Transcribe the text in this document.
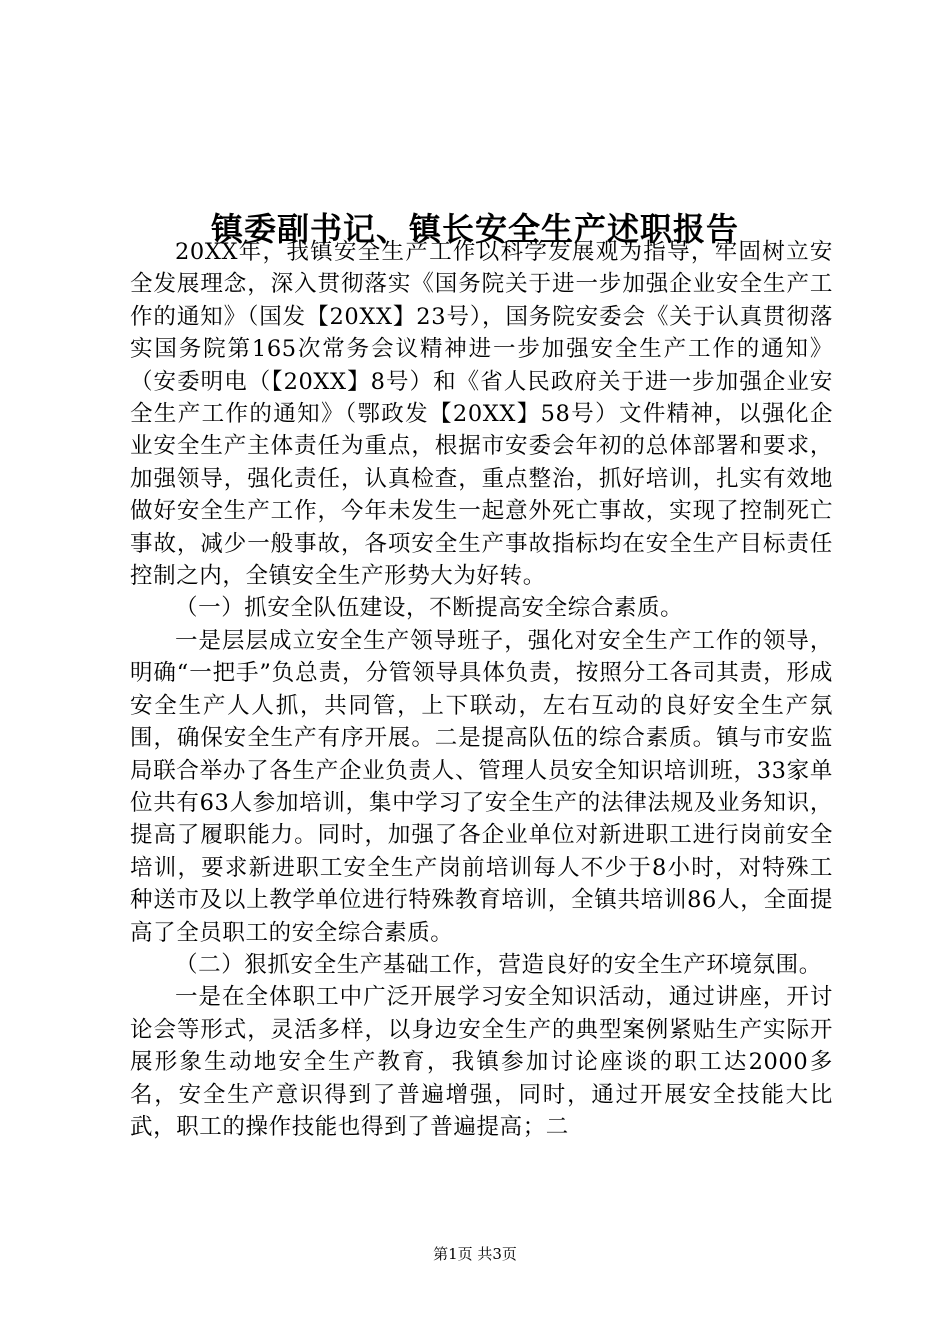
镇委副书记、镇长安全生产述职报告

20XX年，我镇安全生产工作以科学发展观为指导，牢固树立安全发展理念，深入贯彻落实《国务院关于进一步加强企业安全生产工作的通知》（国发【20XX】23号），国务院安委会《关于认真贯彻落实国务院第165次常务会议精神进一步加强安全生产工作的通知》（安委明电（【20XX】8号）和《省人民政府关于进一步加强企业安全生产工作的通知》（鄂政发【20XX】58号）文件精神，以强化企业安全生产主体责任为重点，根据市安委会年初的总体部署和要求，加强领导，强化责任，认真检查，重点整治，抓好培训，扎实有效地做好安全生产工作，今年未发生一起意外死亡事故，实现了控制死亡事故，减少一般事故，各项安全生产事故指标均在安全生产目标责任控制之内，全镇安全生产形势大为好转。

（一）抓安全队伍建设，不断提高安全综合素质。

一是层层成立安全生产领导班子，强化对安全生产工作的领导，明确“一把手”负总责，分管领导具体负责，按照分工各司其责，形成安全生产人人抓，共同管，上下联动，左右互动的良好安全生产氛围，确保安全生产有序开展。二是提高队伍的综合素质。镇与市安监局联合举办了各生产企业负责人、管理人员安全知识培训班，33家单位共有63人参加培训，集中学习了安全生产的法律法规及业务知识，提高了履职能力。同时，加强了各企业单位对新进职工进行岗前安全培训，要求新进职工安全生产岗前培训每人不少于8小时，对特殊工种送市及以上教学单位进行特殊教育培训，全镇共培训86人，全面提高了全员职工的安全综合素质。

（二）狠抓安全生产基础工作，营造良好的安全生产环境氛围。

一是在全体职工中广泛开展学习安全知识活动，通过讲座，开讨论会等形式，灵活多样，以身边安全生产的典型案例紧贴生产实际开展形象生动地安全生产教育，我镇参加讨论座谈的职工达2000多名，安全生产意识得到了普遍增强，同时，通过开展安全技能大比武，职工的操作技能也得到了普遍提高；二

第1页 共3页
